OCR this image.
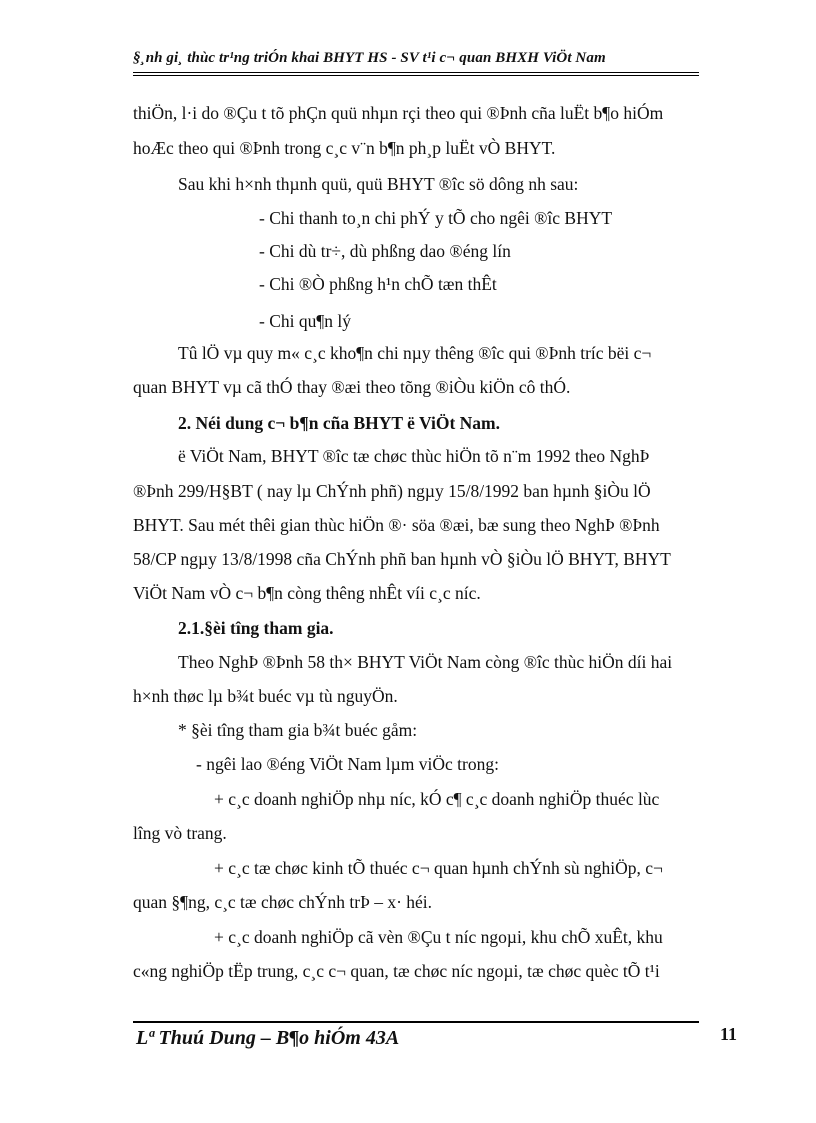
§¸nh gi¸ thùc tr¹ng triÓn khai BHYT HS - SV t¹i c¬ quan BHXH ViÖt Nam
thiÖn, l·i do ®Çu t tõ phÇn quü nhµn rçi theo qui ®Þnh cña luËt b¶o hiÓm
hoÆc theo qui ®Þnh trong c¸c v¨n b¶n ph¸p luËt vÒ BHYT.
Sau khi h×nh thµnh quü, quü BHYT ®îc sö dông nh sau:
- Chi thanh to¸n chi phÝ y tÕ cho ngêi ®îc BHYT
- Chi dù tr÷, dù phßng dao ®éng lín
- Chi ®Ò phßng h¹n chÕ tæn thÊt
- Chi qu¶n lý
Tû lÖ vµ quy m« c¸c kho¶n chi nµy thêng ®îc qui ®Þnh tríc bëi c¬
quan BHYT vµ cã thÓ thay ®æi theo tõng ®iÒu kiÖn cô thÓ.
2. Néi dung c¬ b¶n cña BHYT ë ViÖt Nam.
ë ViÖt Nam, BHYT ®îc tæ chøc thùc hiÖn tõ n¨m 1992 theo NghÞ
®Þnh 299/H§BT ( nay lµ ChÝnh phñ) ngµy 15/8/1992 ban hµnh §iÒu lÖ
BHYT. Sau mét thêi gian thùc hiÖn ®· söa ®æi, bæ sung theo NghÞ ®Þnh
58/CP ngµy 13/8/1998 cña ChÝnh phñ ban hµnh vÒ §iÒu lÖ BHYT, BHYT
ViÖt Nam vÒ c¬ b¶n còng thêng nhÊt víi c¸c níc.
2.1.§èi tîng tham gia.
Theo NghÞ ®Þnh 58 th× BHYT ViÖt Nam còng ®îc thùc hiÖn díi hai
h×nh thøc lµ b¾t buéc vµ tù nguyÖn.
* §èi tîng tham gia b¾t buéc gåm:
- ngêi lao ®éng ViÖt Nam lµm viÖc trong:
+ c¸c doanh nghiÖp nhµ níc, kÓ c¶ c¸c doanh nghiÖp thuéc lùc
lîng vò trang.
+ c¸c tæ chøc kinh tÕ thuéc c¬ quan hµnh chÝnh sù nghiÖp, c¬
quan §¶ng, c¸c tæ chøc chÝnh trÞ – x· héi.
+ c¸c doanh nghiÖp cã vèn ®Çu t níc ngoµi, khu chÕ xuÊt, khu
c«ng nghiÖp tËp trung, c¸c c¬ quan, tæ chøc níc ngoµi, tæ chøc quèc tÕ t¹i
Lª Thuú Dung – B¶o hiÓm 43A	11
